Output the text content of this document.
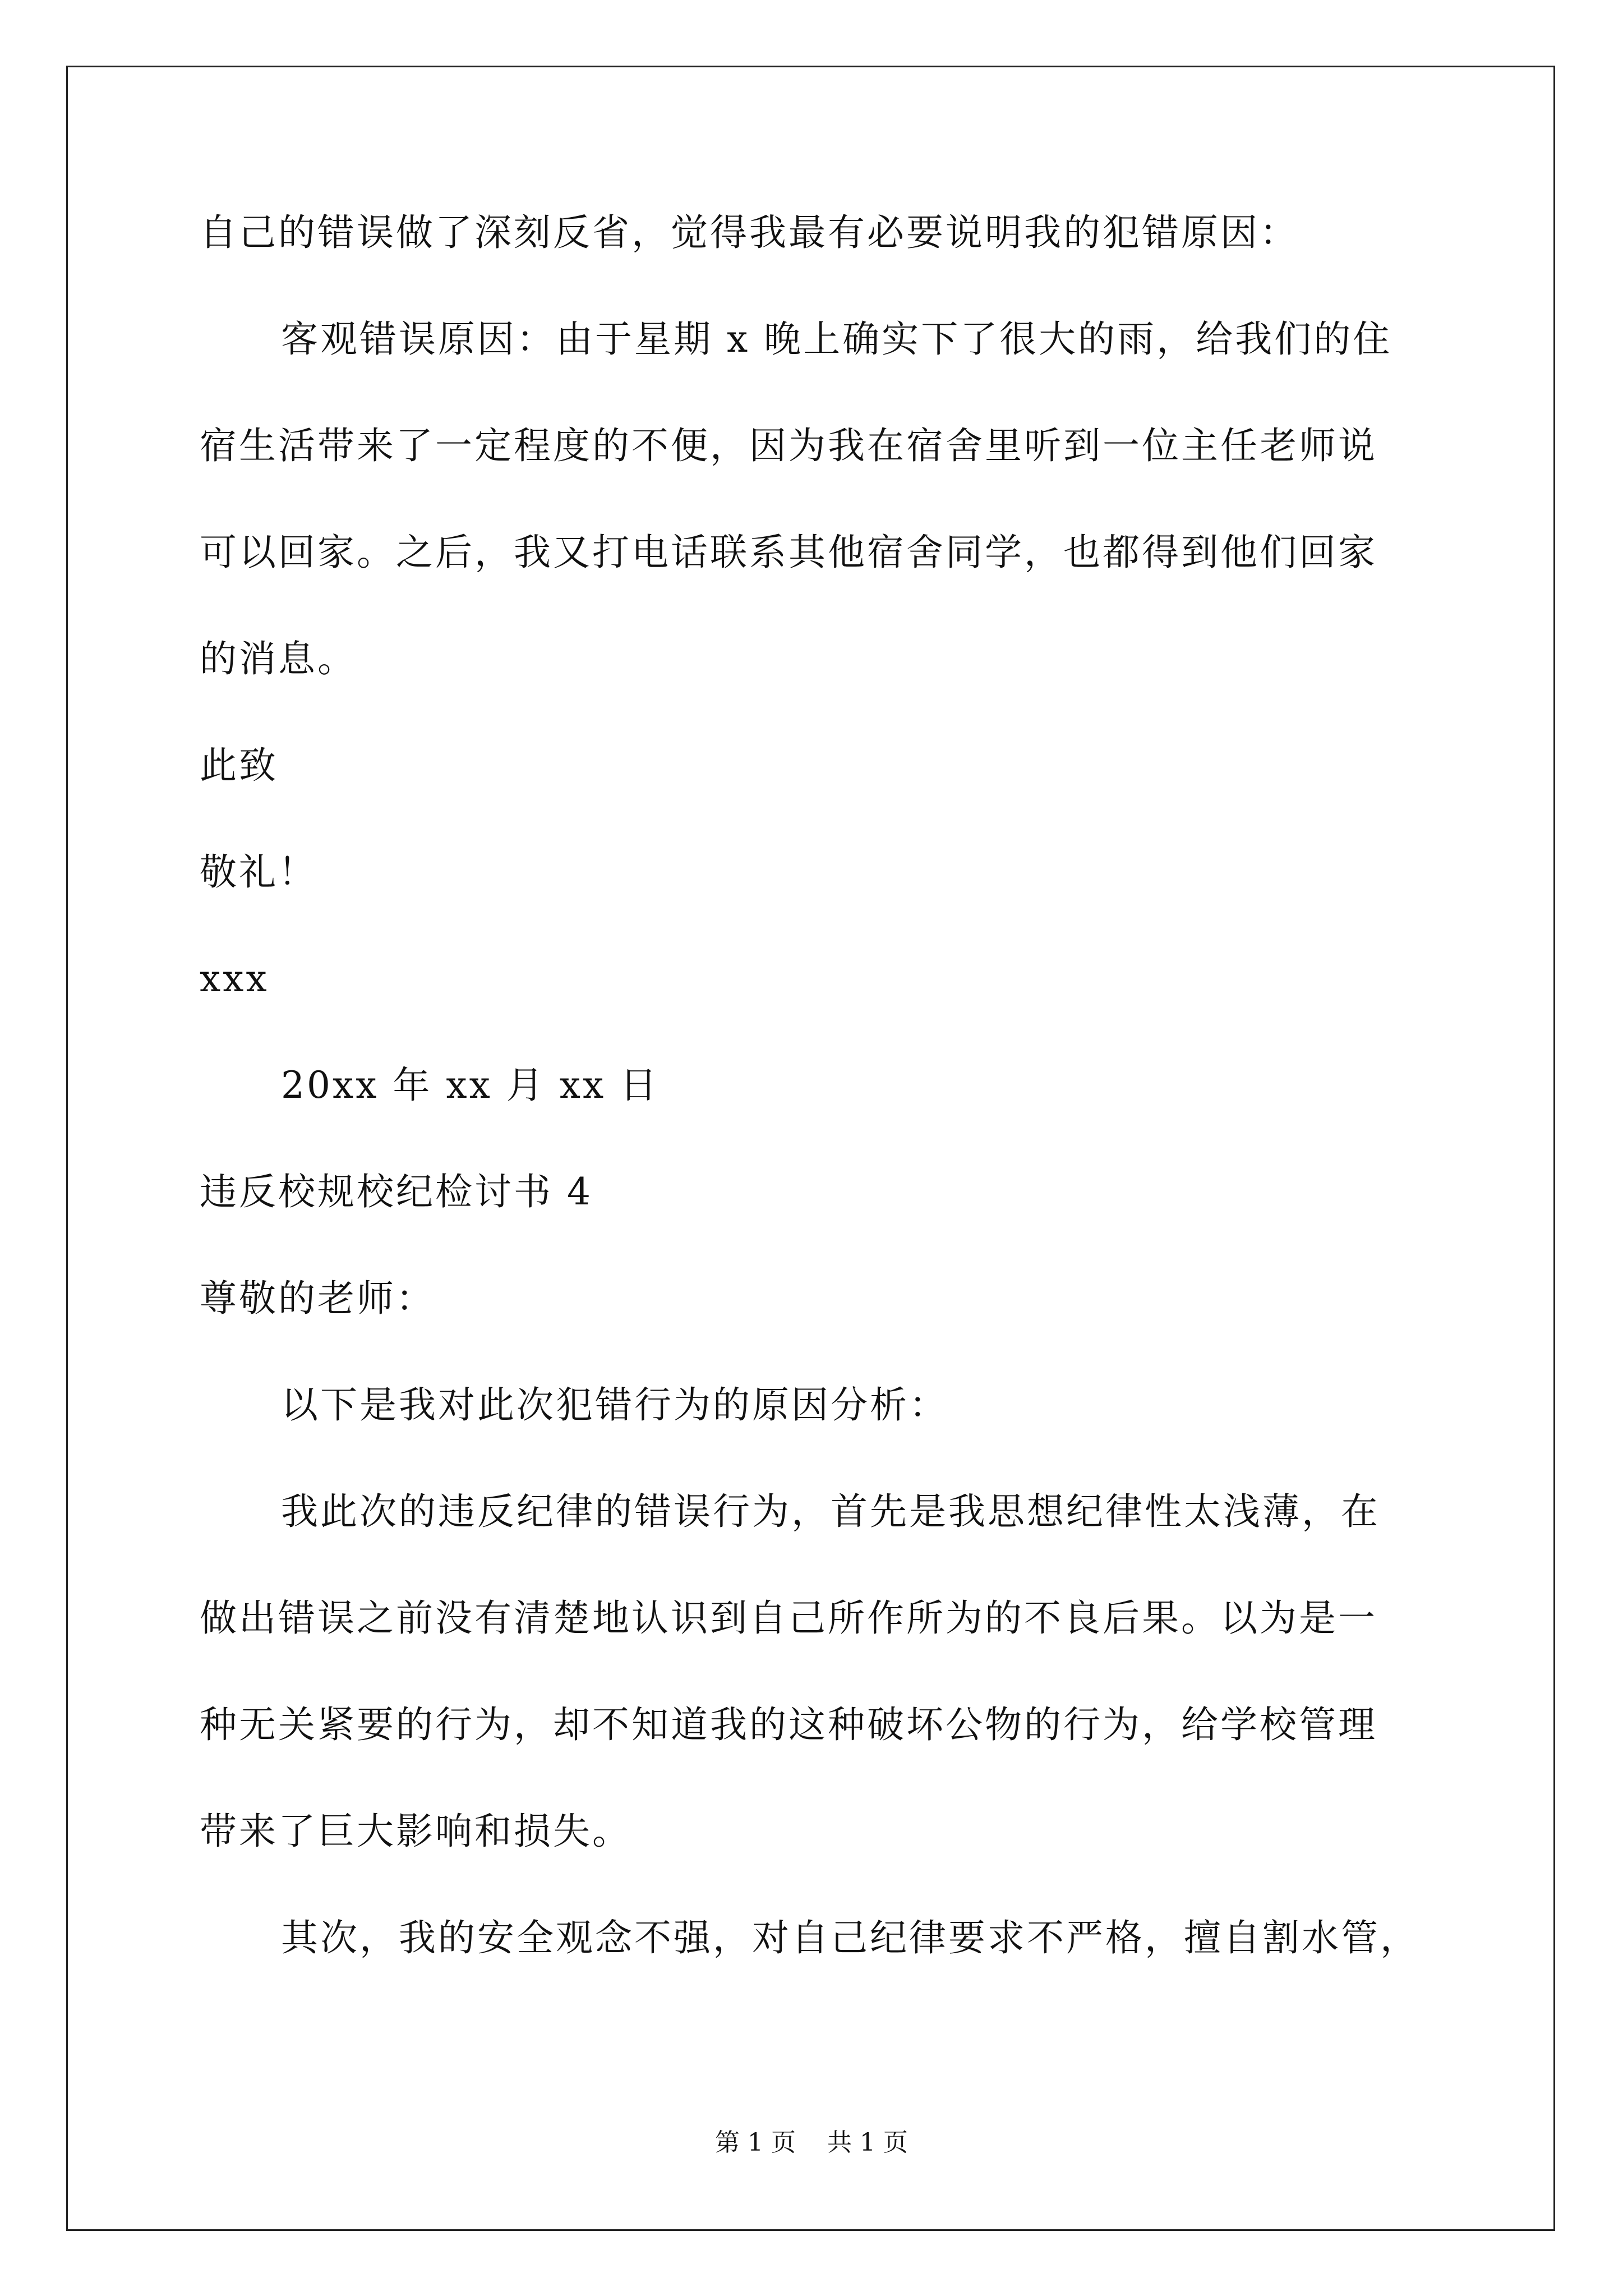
自己的错误做了深刻反省，觉得我最有必要说明我的犯错原因：
客观错误原因：由于星期 x 晚上确实下了很大的雨，给我们的住
宿生活带来了一定程度的不便，因为我在宿舍里听到一位主任老师说
可以回家。之后，我又打电话联系其他宿舍同学，也都得到他们回家
的消息。
此致
敬礼！
xxx
20xx 年 xx 月 xx 日
违反校规校纪检讨书 4
尊敬的老师：
以下是我对此次犯错行为的原因分析：
我此次的违反纪律的错误行为，首先是我思想纪律性太浅薄，在
做出错误之前没有清楚地认识到自己所作所为的不良后果。以为是一
种无关紧要的行为，却不知道我的这种破坏公物的行为，给学校管理
带来了巨大影响和损失。
其次，我的安全观念不强，对自己纪律要求不严格，擅自割水管，
第 1 页    共 1 页
